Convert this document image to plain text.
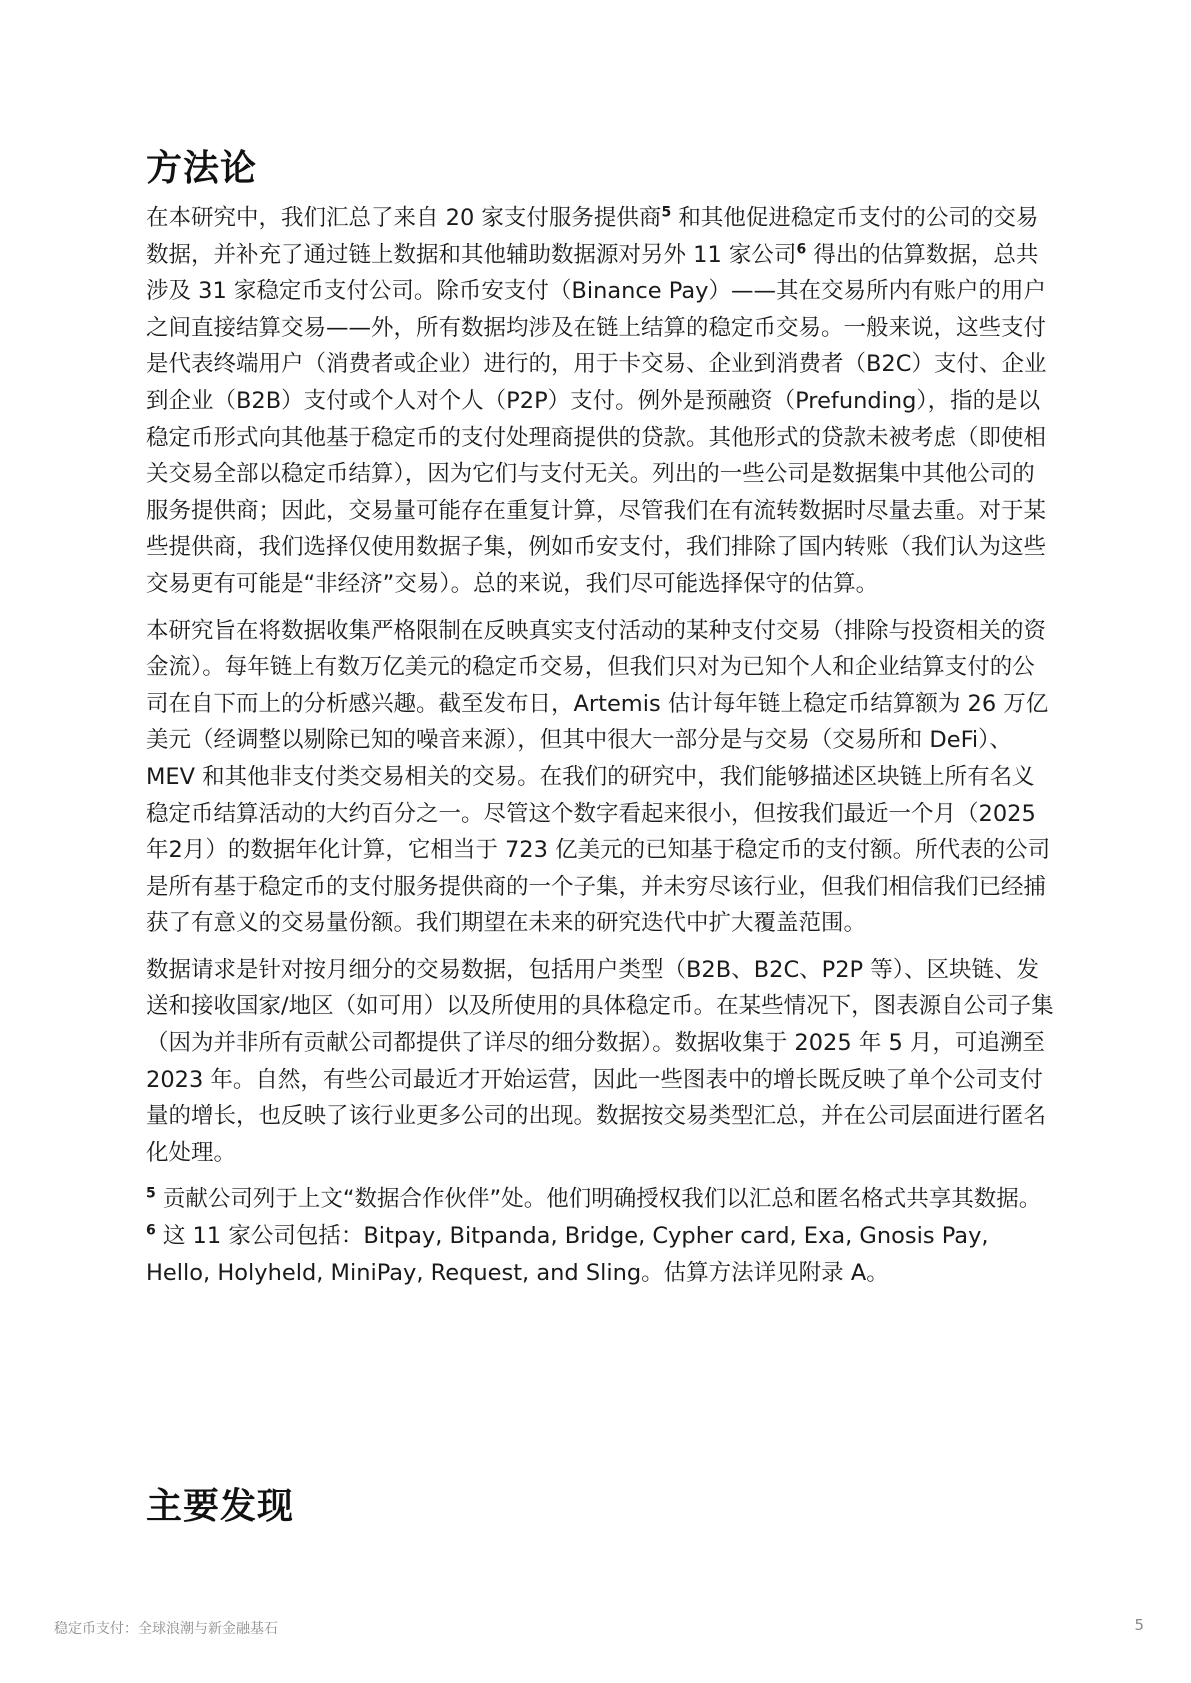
方法论

在本研究中，我们汇总了来自 20 家支付服务提供商$^5$ 和其他促进稳定币支付的公司的交易数据，并补充了通过链上数据和其他辅助数据源对另外 11 家公司$^6$ 得出的估算数据，总共涉及 31 家稳定币支付公司。除币安支付（Binance Pay）——其在交易所内有账户的用户之间直接结算交易——外，所有数据均涉及在链上结算的稳定币交易。一般来说，这些支付是代表终端用户（消费者或企业）进行的，用于卡交易、企业到消费者（B2C）支付、企业到企业（B2B）支付或个人对个人（P2P）支付。例外是预融资（Prefunding），指的是以稳定币形式向其他基于稳定币的支付处理商提供的贷款。其他形式的贷款未被考虑（即使相关交易全部以稳定币结算），因为它们与支付无关。列出的一些公司是数据集中其他公司的服务提供商；因此，交易量可能存在重复计算，尽管我们在有流转数据时尽量去重。对于某些提供商，我们选择仅使用数据子集，例如币安支付，我们排除了国内转账（我们认为这些交易更有可能是“非经济”交易）。总的来说，我们尽可能选择保守的估算。

本研究旨在将数据收集严格限制在反映真实支付活动的某种支付交易（排除与投资相关的资金流）。每年链上有数万亿美元的稳定币交易，但我们只对为已知个人和企业结算支付的公司在自下而上的分析感兴趣。截至发布日，Artemis 估计每年链上稳定币结算额为 26 万亿美元（经调整以剔除已知的噪音来源），但其中很大一部分是与交易（交易所和 DeFi）、MEV 和其他非支付类交易相关的交易。在我们的研究中，我们能够描述区块链上所有名义稳定币结算活动的大约百分之一。尽管这个数字看起来很小，但按我们最近一个月（2025年2月）的数据年化计算，它相当于 723 亿美元的已知基于稳定币的支付额。所代表的公司是所有基于稳定币的支付服务提供商的一个子集，并未穷尽该行业，但我们相信我们已经捕获了有意义的交易量份额。我们期望在未来的研究迭代中扩大覆盖范围。

数据请求是针对按月细分的交易数据，包括用户类型（B2B、B2C、P2P 等）、区块链、发送和接收国家/地区（如可用）以及所使用的具体稳定币。在某些情况下，图表源自公司子集（因为并非所有贡献公司都提供了详尽的细分数据）。数据收集于 2025 年 5 月，可追溯至 2023 年。自然，有些公司最近才开始运营，因此一些图表中的增长既反映了单个公司支付量的增长，也反映了该行业更多公司的出现。数据按交易类型汇总，并在公司层面进行匿名化处理。

$^5$ 贡献公司列于上文“数据合作伙伴”处。他们明确授权我们以汇总和匿名格式共享其数据。
$^6$ 这 11 家公司包括：Bitpay, Bitpanda, Bridge, Cypher card, Exa, Gnosis Pay, Hello, Holyheld, MiniPay, Request, and Sling。估算方法详见附录 A。
主要发现
稳定币支付：全球浪潮与新金融基石	5
